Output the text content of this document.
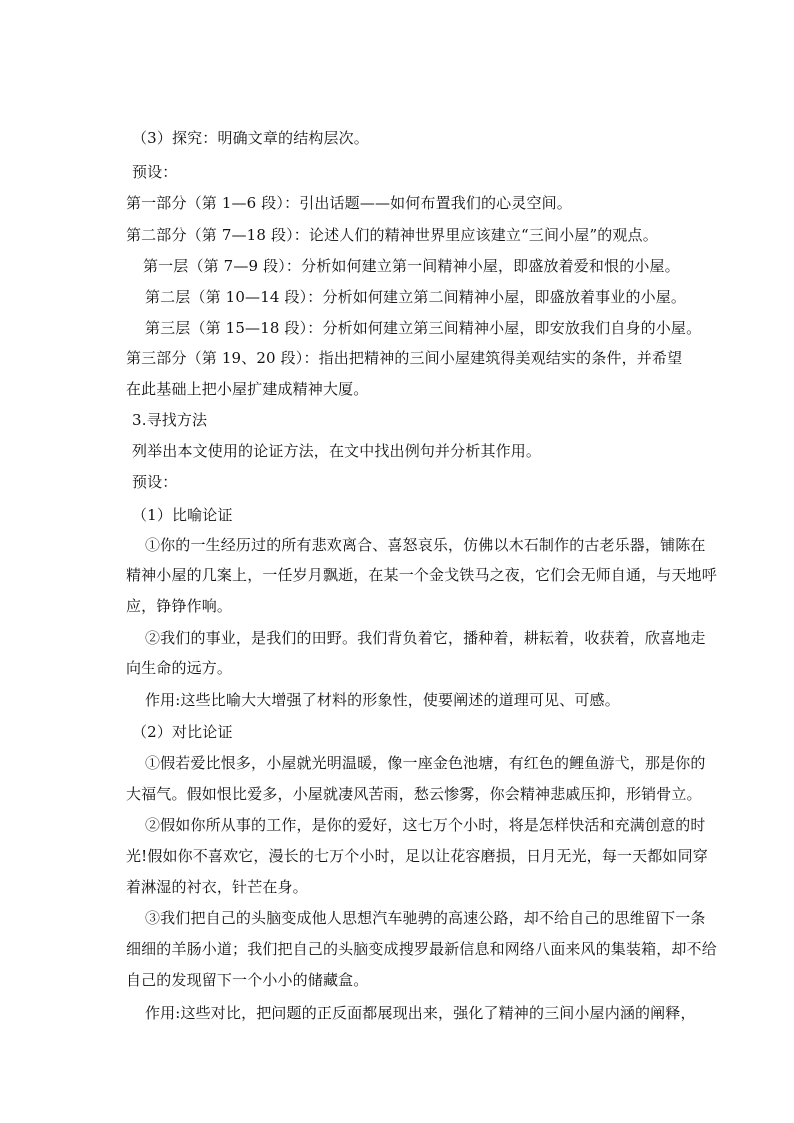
（3）探究：明确文章的结构层次。
预设：
第一部分（第 1—6 段）：引出话题——如何布置我们的心灵空间。
第二部分（第 7—18 段）：论述人们的精神世界里应该建立“三间小屋”的观点。
第一层（第 7—9 段）：分析如何建立第一间精神小屋，即盛放着爱和恨的小屋。
第二层（第 10—14 段）：分析如何建立第二间精神小屋，即盛放着事业的小屋。
第三层（第 15—18 段）：分析如何建立第三间精神小屋，即安放我们自身的小屋。
第三部分（第 19、20 段）：指出把精神的三间小屋建筑得美观结实的条件，并希望
在此基础上把小屋扩建成精神大厦。
3.寻找方法
列举出本文使用的论证方法，在文中找出例句并分析其作用。
预设：
（1）比喻论证
①你的一生经历过的所有悲欢离合、喜怒哀乐，仿佛以木石制作的古老乐器，铺陈在
精神小屋的几案上，一任岁月飘逝，在某一个金戈铁马之夜，它们会无师自通，与天地呼
应，铮铮作响。
②我们的事业，是我们的田野。我们背负着它，播种着，耕耘着，收获着，欣喜地走
向生命的远方。
作用:这些比喻大大增强了材料的形象性，使要阐述的道理可见、可感。
（2）对比论证
①假若爱比恨多，小屋就光明温暖，像一座金色池塘，有红色的鲤鱼游弋，那是你的
大福气。假如恨比爱多，小屋就凄风苦雨，愁云惨雾，你会精神悲戚压抑，形销骨立。
②假如你所从事的工作，是你的爱好，这七万个小时，将是怎样快活和充满创意的时
光!假如你不喜欢它，漫长的七万个小时，足以让花容磨损，日月无光，每一天都如同穿
着淋湿的衬衣，针芒在身。
③我们把自己的头脑变成他人思想汽车驰骋的高速公路，却不给自己的思维留下一条
细细的羊肠小道；我们把自己的头脑变成搜罗最新信息和网络八面来风的集装箱，却不给
自己的发现留下一个小小的储藏盒。
作用:这些对比，把问题的正反面都展现出来，强化了精神的三间小屋内涵的阐释，
